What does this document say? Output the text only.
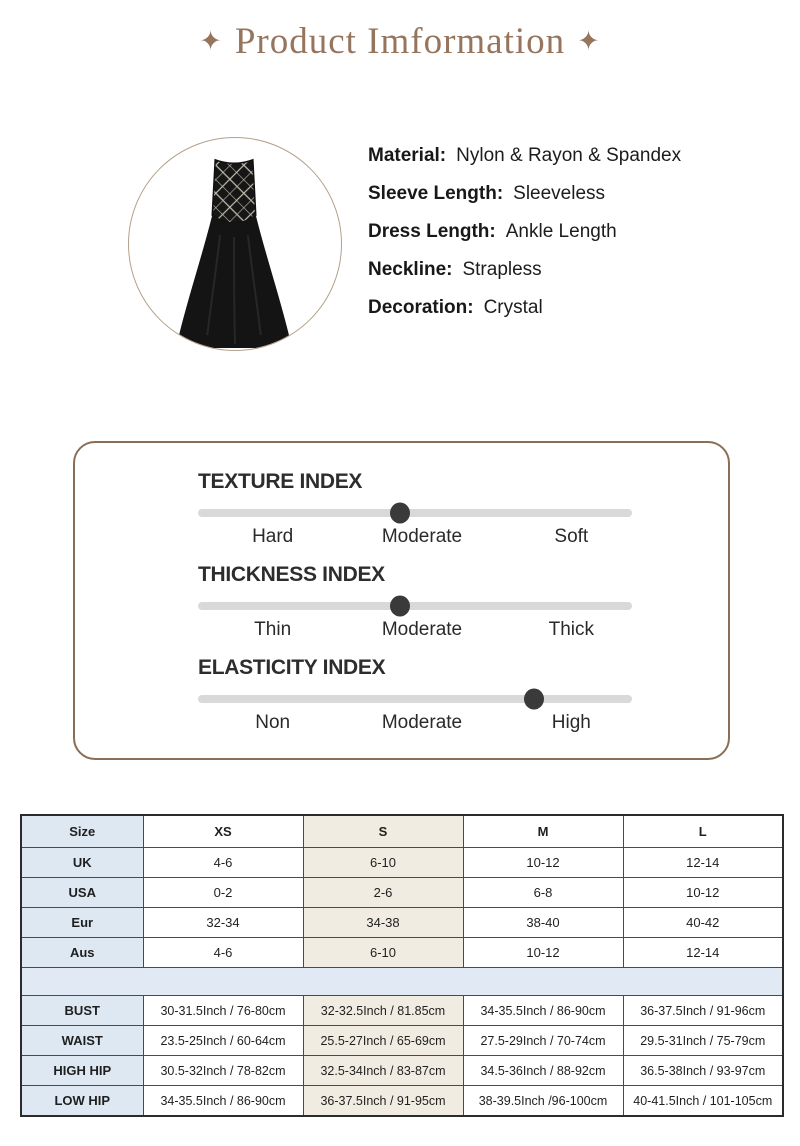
✦ Product Imformation ✦
Material: Nylon & Rayon & Spandex
Sleeve Length: Sleeveless
Dress Length: Ankle Length
Neckline: Strapless
Decoration: Crystal
TEXTURE INDEX
Hard	Moderate	Soft
THICKNESS INDEX
Thin	Moderate	Thick
ELASTICITY INDEX
Non	Moderate	High
Size	XS	S	M	L
UK	4-6	6-10	10-12	12-14
USA	0-2	2-6	6-8	10-12
Eur	32-34	34-38	38-40	40-42
Aus	4-6	6-10	10-12	12-14

BUST	30-31.5Inch / 76-80cm	32-32.5Inch / 81.85cm	34-35.5Inch / 86-90cm	36-37.5Inch / 91-96cm
WAIST	23.5-25Inch / 60-64cm	25.5-27Inch / 65-69cm	27.5-29Inch / 70-74cm	29.5-31Inch / 75-79cm
HIGH HIP	30.5-32Inch / 78-82cm	32.5-34Inch / 83-87cm	34.5-36Inch / 88-92cm	36.5-38Inch / 93-97cm
LOW HIP	34-35.5Inch / 86-90cm	36-37.5Inch / 91-95cm	38-39.5Inch /96-100cm	40-41.5Inch / 101-105cm
